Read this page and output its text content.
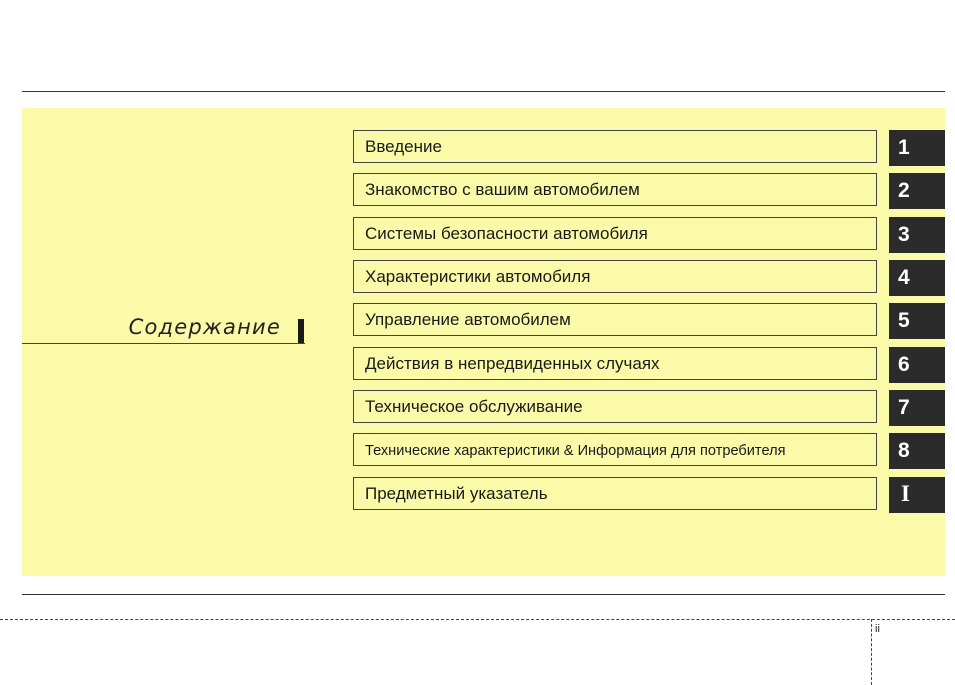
Содержание
Введение	1
Знакомство с вашим автомобилем	2
Системы безопасности автомобиля	3
Характеристики автомобиля	4
Управление автомобилем	5
Действия в непредвиденных случаях	6
Техническое обслуживание	7
Технические характеристики & Информация для потребителя	8
Предметный указатель	I
ii
